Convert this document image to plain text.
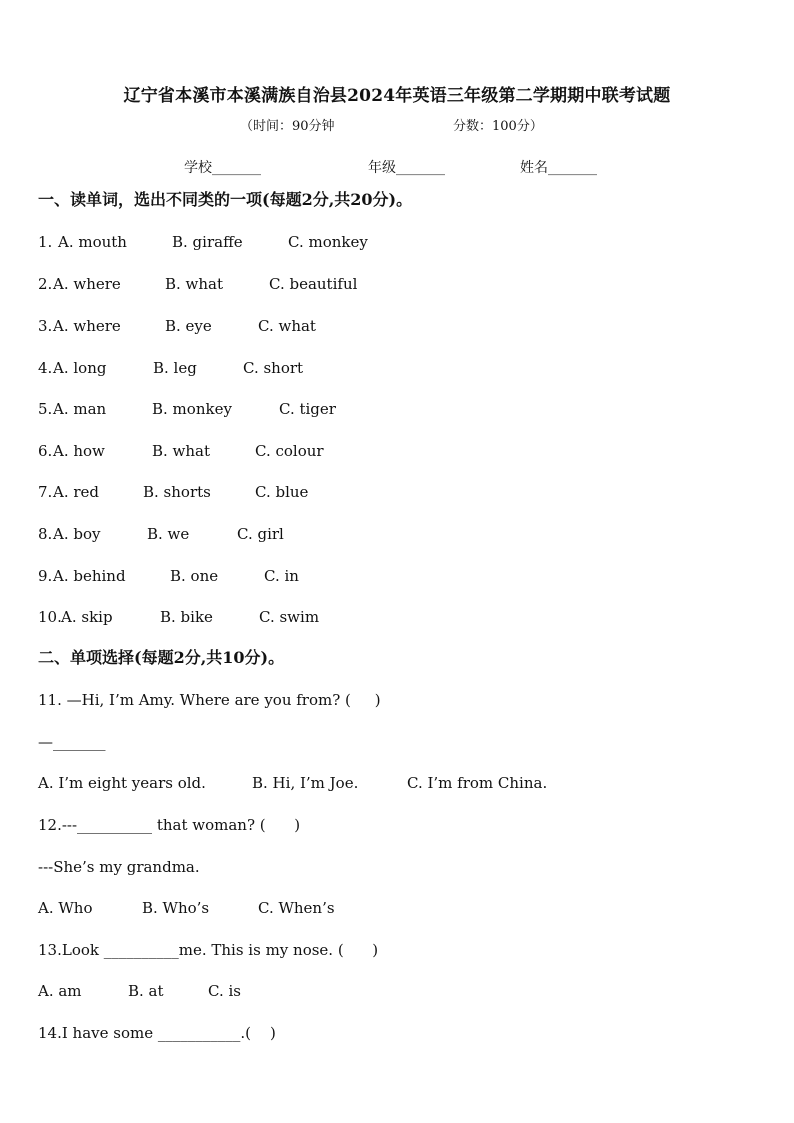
辽宁省本溪市本溪满族自治县2024年英语三年级第二学期期中联考试题
（时间：90分钟	分数：100分）
学校_______	年级_______	姓名_______
一、读单词，选出不同类的一项(每题2分,共20分)。
1. A. mouth	B. giraffe	C. monkey
2. A. where	B. what	C. beautiful
3. A. where	B. eye	C. what
4. A. long	B. leg	C. short
5. A. man	B. monkey	C. tiger
6. A. how	B. what	C. colour
7. A. red	B. shorts	C. blue
8. A. boy	B. we	C. girl
9. A. behind	B. one	C. in
10. A. skip	B. bike	C. swim
二、单项选择(每题2分,共10分)。
11. —Hi, I’m Amy. Where are you from? (     )
—_______
A. I’m eight years old.	B. Hi, I’m Joe.	C. I’m from China.
12.---__________ that woman? (      )
---She’s my grandma.
A. Who	B. Who’s	C. When’s
13.Look __________me. This is my nose. (      )
A. am	B. at	C. is
14.I have some ___________.(    )
